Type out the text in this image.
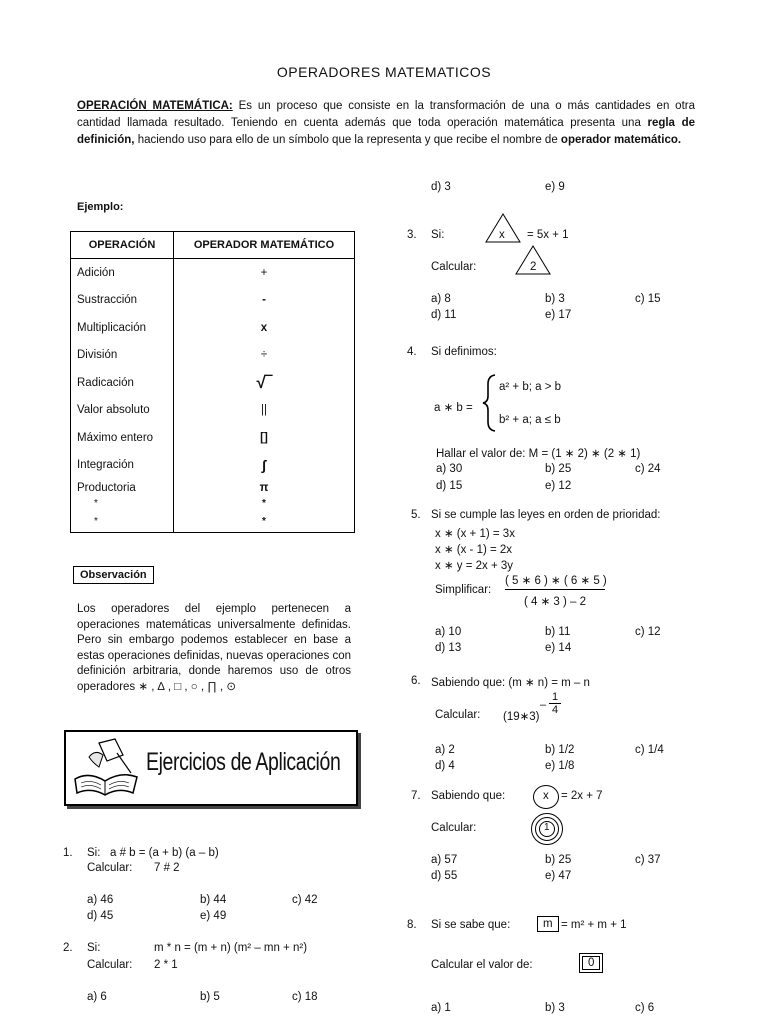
OPERADORES MATEMATICOS
OPERACIÓN MATEMÁTICA: Es un proceso que consiste en la transformación de una o más cantidades en otra cantidad llamada resultado. Teniendo en cuenta además que toda operación matemática presenta una regla de definición, haciendo uso para ello de un símbolo que la representa y que recibe el nombre de operador matemático.
Ejemplo:
OPERACIÓN	OPERADOR MATEMÁTICO
Adición	+
Sustracción	-
Multiplicación	x
División	÷
Radicación	√‾
Valor absoluto	||
Máximo entero	[]
Integración	∫
Productoria	π
*	*
*	*
Observación
Los operadores del ejemplo pertenecen a operaciones matemáticas universalmente definidas. Pero sin embargo podemos establecer en base a estas operaciones definidas, nuevas operaciones con definición arbitraria, donde haremos uso de otros operadores ∗ , ∆ , □ , ○ , ∏ , ⊙
Ejercicios de Aplicación
1. Si: a # b = (a + b) (a – b)
Calcular: 7 # 2
a) 46	b) 44	c) 42
d) 45	e) 49
2. Si:	m * n = (m + n) (m² – mn + n²)
Calcular: 2 * 1
a) 6	b) 5	c) 18
d) 3	e) 9
3. Si:	x = 5x + 1
Calcular:	2
a) 8	b) 3	c) 15
d) 11	e) 17
4. Si definimos:
a ∗ b =
a² + b; a > b
b² + a; a ≤ b
Hallar el valor de: M = (1 ∗ 2) ∗ (2 ∗ 1)
a) 30	b) 25	c) 24
d) 15	e) 12
5. Si se cumple las leyes en orden de prioridad:
x ∗ (x + 1) = 3x
x ∗ (x - 1) = 2x
x ∗ y = 2x + 3y
Simplificar: $\frac{( 5 ∗ 6 ) ∗ ( 6 ∗ 5 )}{( 4 ∗ 3 ) - 2}$
a) 10	b) 11	c) 12
d) 13	e) 14
6. Sabiendo que: (m ∗ n) = m – n
Calcular: (19∗3)
– $\frac{1}{4}$
a) 2	b) 1/2	c) 1/4
d) 4	e) 1/8
7. Sabiendo que:	x = 2x + 7
Calcular:	1
a) 57	b) 25	c) 37
d) 55	e) 47
8. Si se sabe que:	m = m² + m + 1
Calcular el valor de:	0
a) 1	b) 3	c) 6
